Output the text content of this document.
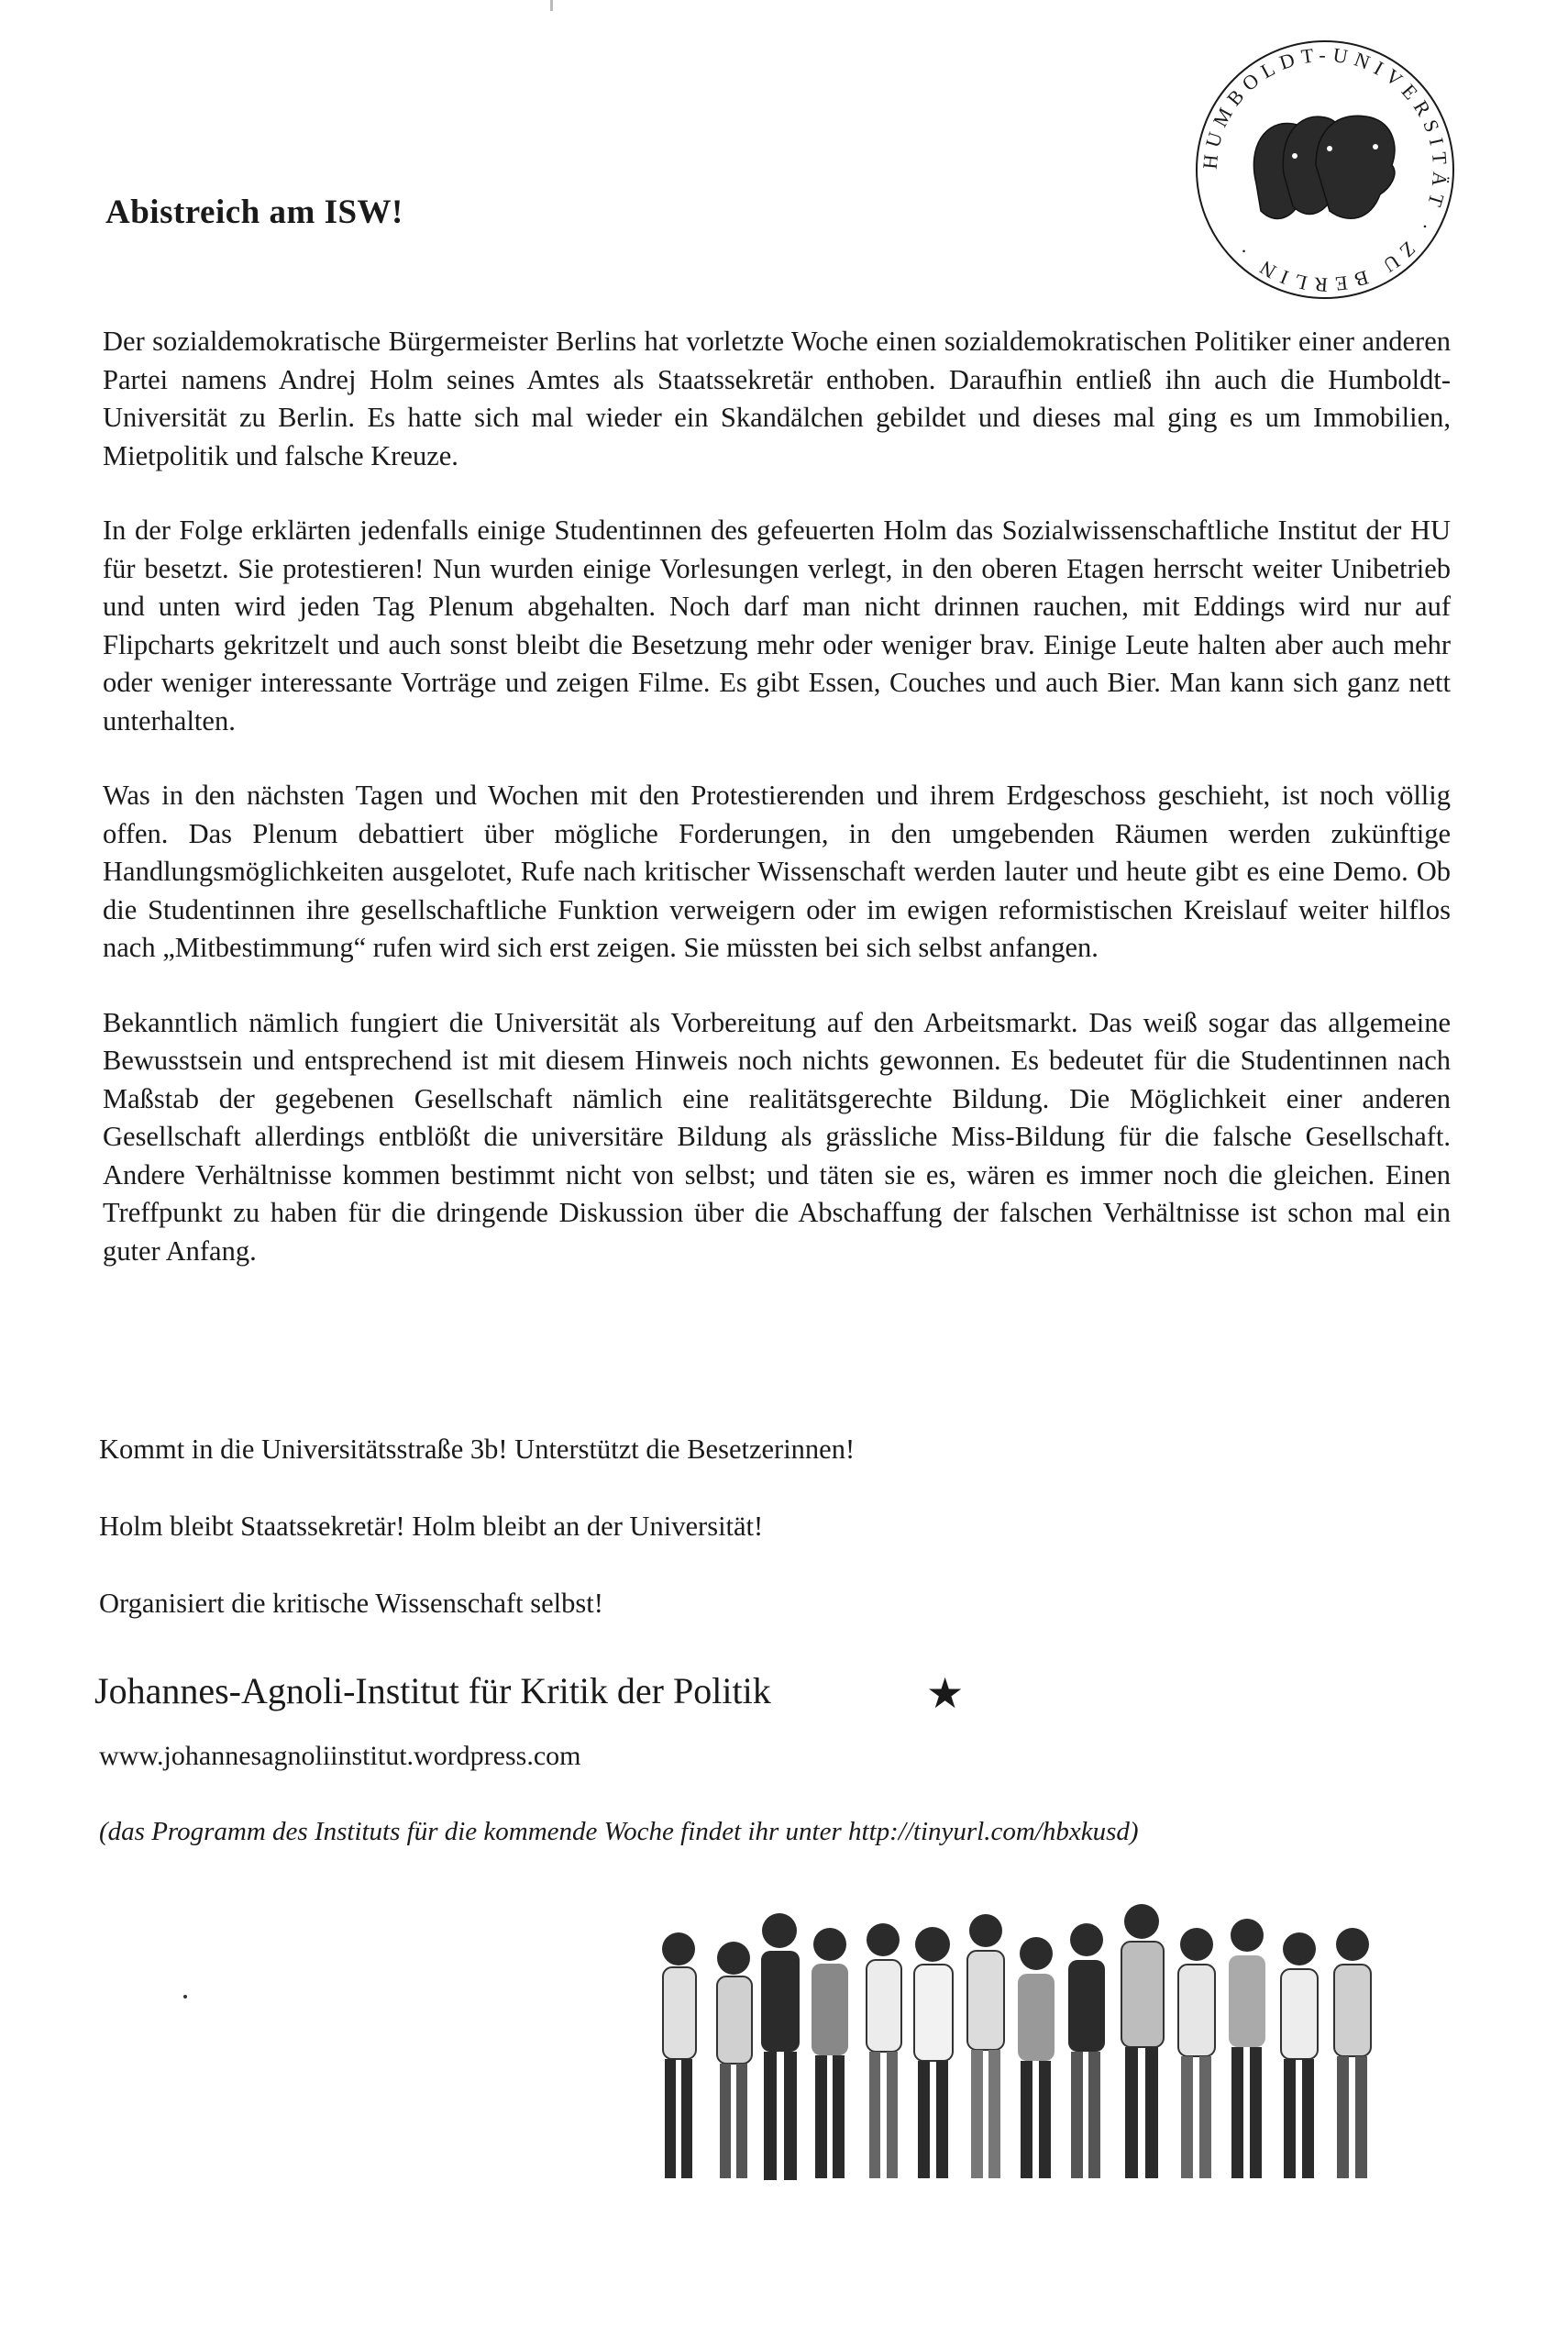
HUMBOLDT-UNIVERSITÄT · ZU BERLIN ·
Abistreich am ISW!

Der sozialdemokratische Bürgermeister Berlins hat vorletzte Woche einen sozialdemokratischen Politiker einer anderen Partei namens Andrej Holm seines Amtes als Staatssekretär enthoben. Daraufhin entließ ihn auch die Humboldt-Universität zu Berlin. Es hatte sich mal wieder ein Skandälchen gebildet und dieses mal ging es um Immobilien, Mietpolitik und falsche Kreuze.

In der Folge erklärten jedenfalls einige Studentinnen des gefeuerten Holm das Sozialwissenschaftliche Institut der HU für besetzt. Sie protestieren! Nun wurden einige Vorlesungen verlegt, in den oberen Etagen herrscht weiter Unibetrieb und unten wird jeden Tag Plenum abgehalten. Noch darf man nicht drinnen rauchen, mit Eddings wird nur auf Flipcharts gekritzelt und auch sonst bleibt die Besetzung mehr oder weniger brav. Einige Leute halten aber auch mehr oder weniger interessante Vorträge und zeigen Filme. Es gibt Essen, Couches und auch Bier. Man kann sich ganz nett unterhalten.

Was in den nächsten Tagen und Wochen mit den Protestierenden und ihrem Erdgeschoss geschieht, ist noch völlig offen. Das Plenum debattiert über mögliche Forderungen, in den umgebenden Räumen werden zukünftige Handlungsmöglichkeiten ausgelotet, Rufe nach kritischer Wissenschaft werden lauter und heute gibt es eine Demo. Ob die Studentinnen ihre gesellschaftliche Funktion verweigern oder im ewigen reformistischen Kreislauf weiter hilflos nach „Mitbestimmung“ rufen wird sich erst zeigen. Sie müssten bei sich selbst anfangen.

Bekanntlich nämlich fungiert die Universität als Vorbereitung auf den Arbeitsmarkt. Das weiß sogar das allgemeine Bewusstsein und entsprechend ist mit diesem Hinweis noch nichts gewonnen. Es bedeutet für die Studentinnen nach Maßstab der gegebenen Gesellschaft nämlich eine realitätsgerechte Bildung. Die Möglichkeit einer anderen Gesellschaft allerdings entblößt die universitäre Bildung als grässliche Miss-Bildung für die falsche Gesellschaft. Andere Verhältnisse kommen bestimmt nicht von selbst; und täten sie es, wären es immer noch die gleichen. Einen Treffpunkt zu haben für die dringende Diskussion über die Abschaffung der falschen Verhältnisse ist schon mal ein guter Anfang.

Kommt in die Universitätsstraße 3b! Unterstützt die Besetzerinnen!

Holm bleibt Staatssekretär! Holm bleibt an der Universität!

Organisiert die kritische Wissenschaft selbst!

Johannes-Agnoli-Institut für Kritik der Politik	★

www.johannesagnoliinstitut.wordpress.com

(das Programm des Instituts für die kommende Woche findet ihr unter http://tinyurl.com/hbxkusd)
